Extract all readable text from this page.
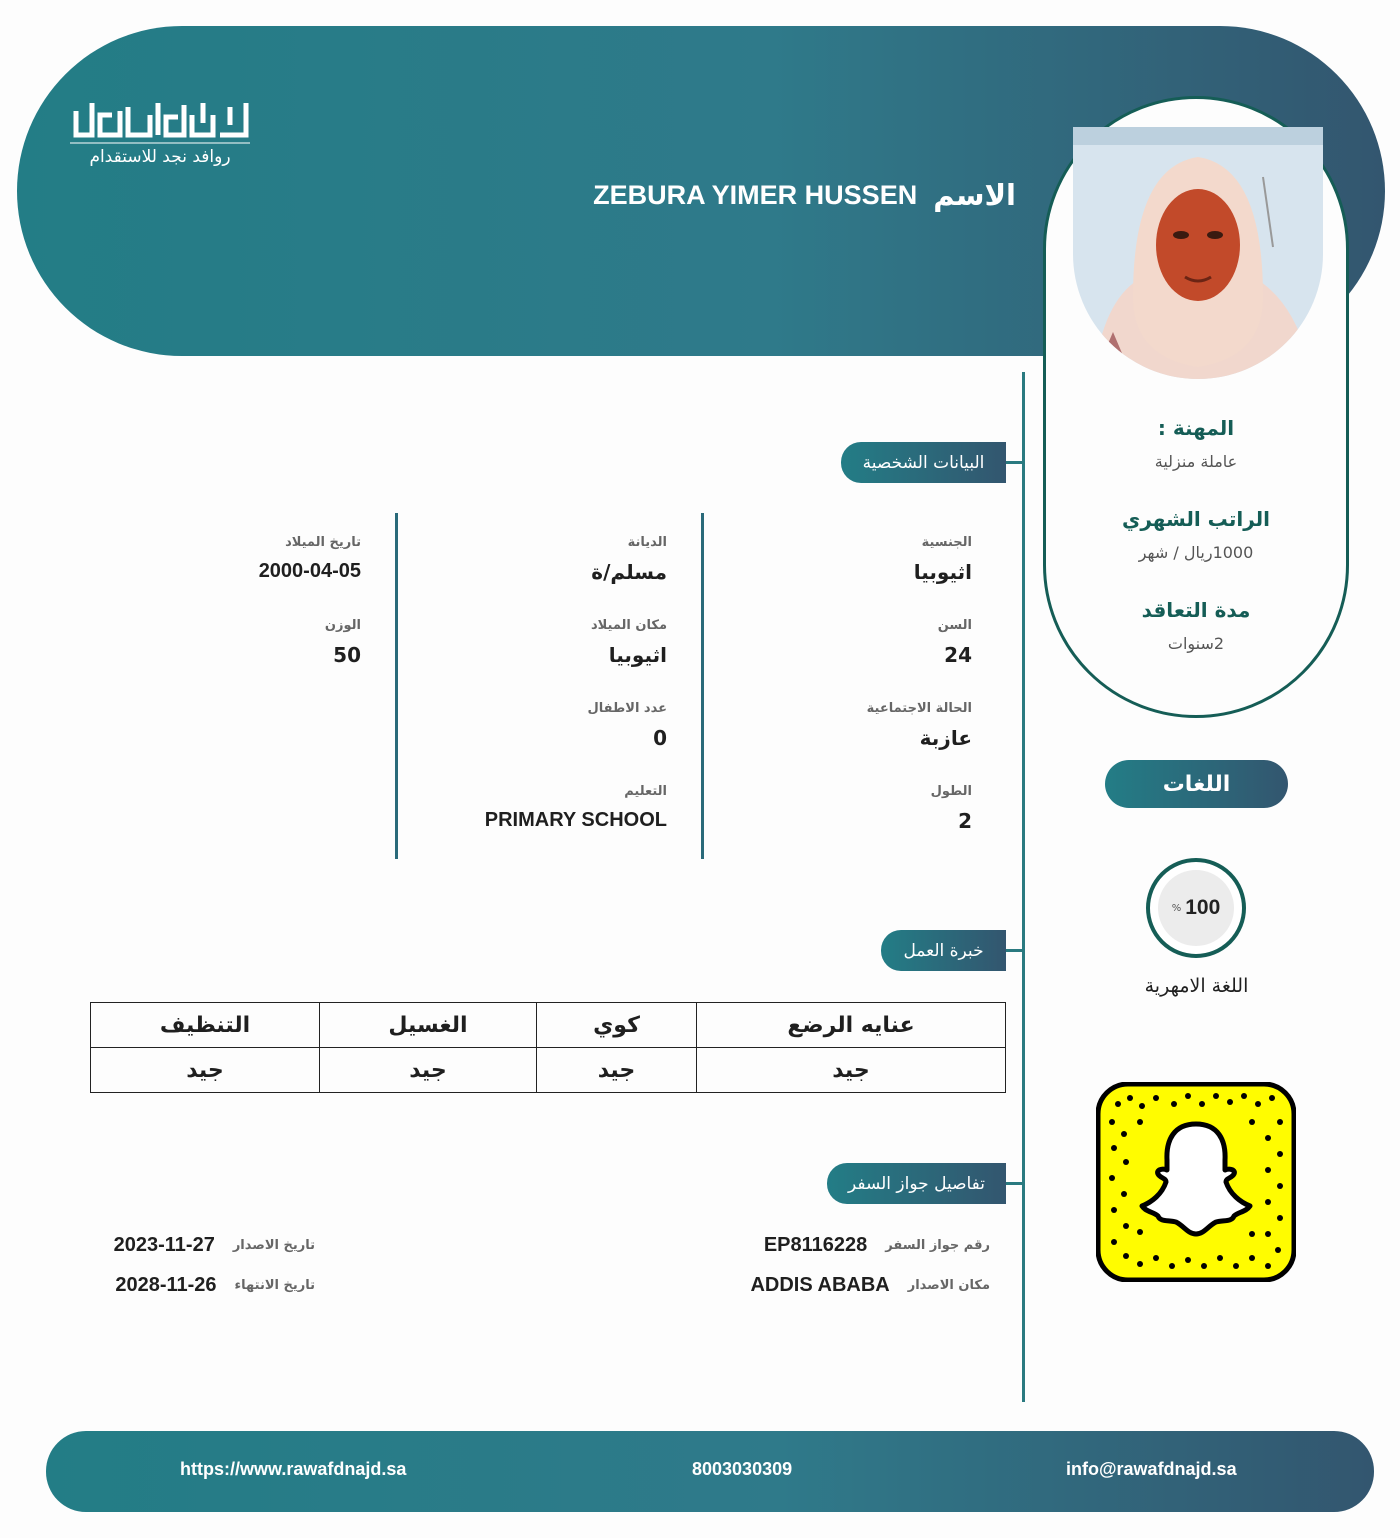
روافد نجد للاستقدام
الاسم
ZEBURA YIMER HUSSEN
المهنة :
عاملة منزلية
الراتب الشهري
1000ريال / شهر
مدة التعاقد
2سنوات
البيانات الشخصية
الجنسية
اثيوبيا
السن
24
الحالة الاجتماعية
عازبة
الطول
2
الديانة
مسلم/ة
مكان الميلاد
اثيوبيا
عدد الاطفال
0
التعليم
PRIMARY SCHOOL
تاريخ الميلاد
2000-04-05
الوزن
50
خبرة العمل
عنايه الرضع	كوي	الغسيل	التنظيف
جيد	جيد	جيد	جيد
تفاصيل جواز السفر
رقم جواز السفر
EP8116228
مكان الاصدار
ADDIS ABABA
تاريخ الاصدار
2023-11-27
تاريخ الانتهاء
2028-11-26
اللغات
% 100
اللغة الامهرية
https://www.rawafdnajd.sa	8003030309	info@rawafdnajd.sa
